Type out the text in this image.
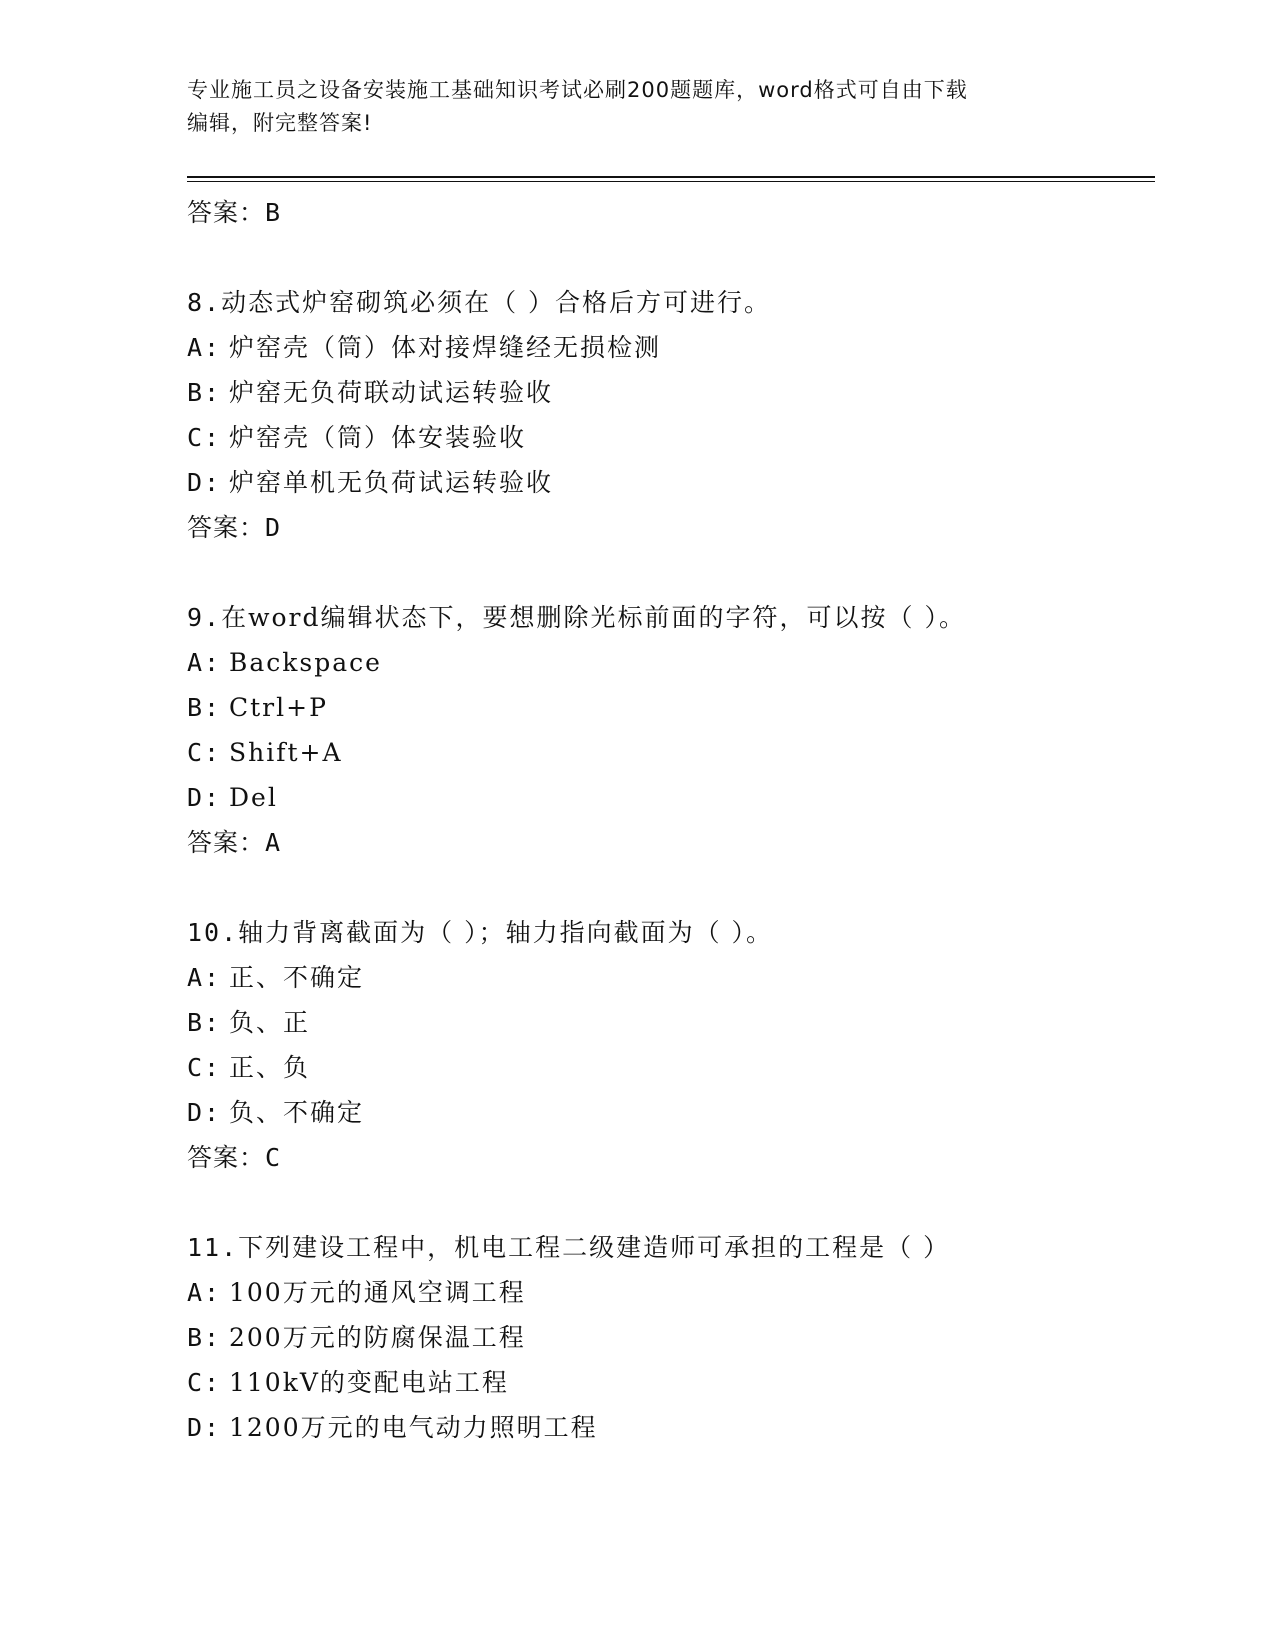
专业施工员之设备安装施工基础知识考试必刷200题题库，word格式可自由下载
编辑，附完整答案!
答案：B
8.动态式炉窑砌筑必须在（ ）合格后方可进行。
A: 炉窑壳（筒）体对接焊缝经无损检测
B: 炉窑无负荷联动试运转验收
C: 炉窑壳（筒）体安装验收
D: 炉窑单机无负荷试运转验收
答案：D
9.在word编辑状态下，要想删除光标前面的字符，可以按（ ）。
A: Backspace
B: Ctrl+P
C: Shift+A
D: Del
答案：A
10.轴力背离截面为（ ）；轴力指向截面为（ ）。
A: 正、不确定
B: 负、正
C: 正、负
D: 负、不确定
答案：C
11.下列建设工程中，机电工程二级建造师可承担的工程是（ ）
A: 100万元的通风空调工程
B: 200万元的防腐保温工程
C: 110kV的变配电站工程
D: 1200万元的电气动力照明工程
